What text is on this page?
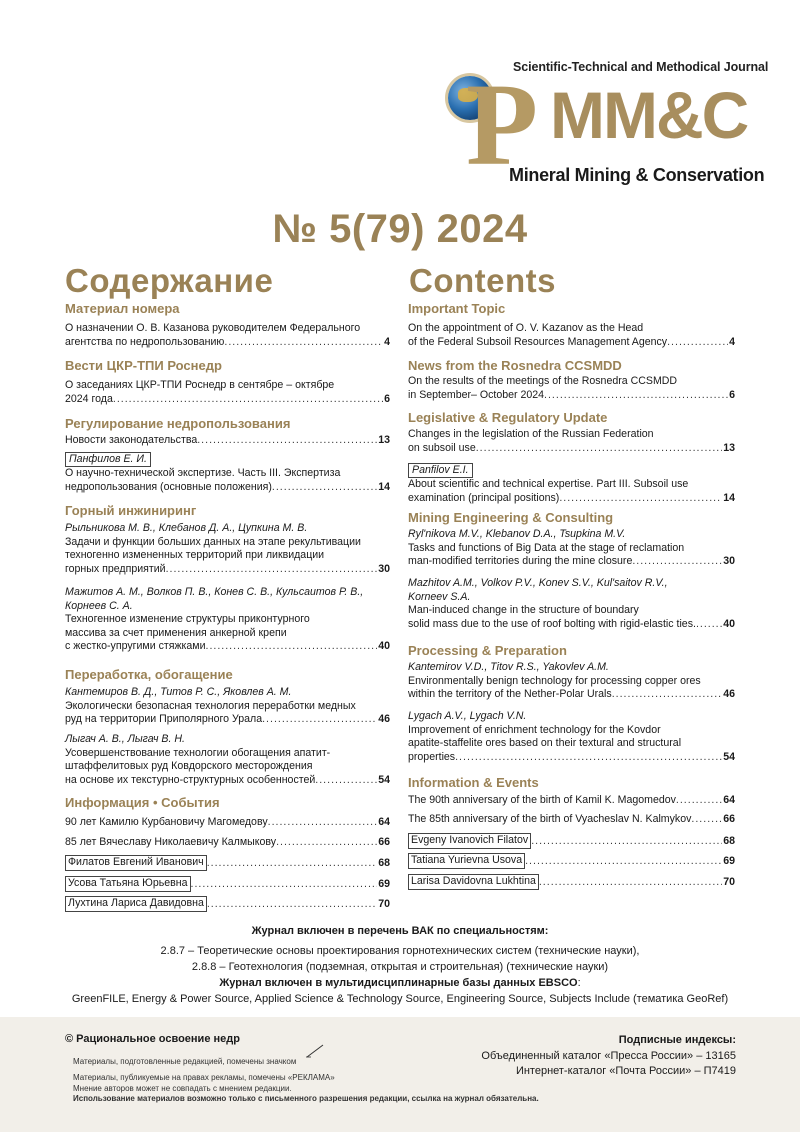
P
Scientific-Technical and Methodical Journal
MM&C
Mineral Mining & Conservation
№ 5(79) 2024
Содержание	Contents
Материал номера
О назначении О. В. Казанова руководителем Федерального
агентства по недропользованию .....	4
Вести ЦКР-ТПИ Роснедр
О заседаниях ЦКР-ТПИ Роснедр в сентябре – октябре
2024 года .....	6
Регулирование недропользования
Новости законодательства .....	13
Панфилов Е. И.
О научно-технической экспертизе. Часть III. Экспертиза
недропользования (основные положения) .....	14
Горный инжиниринг
Рыльникова М. В., Клебанов Д. А., Цупкина М. В.
Задачи и функции больших данных на этапе рекультивации
техногенно измененных территорий при ликвидации
горных предприятий .....	30
Мажитов А. М., Волков П. В., Конев С. В., Кульсаитов Р. В.,
Корнеев С. А.
Техногенное изменение структуры приконтурного
массива за счет применения анкерной крепи
с жестко-упругими стяжками .....	40
Переработка, обогащение
Кантемиров В. Д., Титов Р. С., Яковлев А. М.
Экологически безопасная технология переработки медных
руд на территории Приполярного Урала .....	46
Лыгач А. В., Лыгач В. Н.
Усовершенствование технологии обогащения апатит-
штаффелитовых руд Ковдорского месторождения
на основе их текстурно-структурных особенностей .....	54
Информация • События
90 лет Камилю Курбановичу Магомедову .....	64
85 лет Вячеславу Николаевичу Калмыкову .....	66
Филатов Евгений Иванович .....	68
Усова Татьяна Юрьевна .....	69
Лухтина Лариса Давидовна .....	70
Important Topic
On the appointment of O. V. Kazanov as the Head
of the Federal Subsoil Resources Management Agency .....	4
News from the Rosnedra CCSMDD
On the results of the meetings of the Rosnedra CCSMDD
in September– October 2024 .....	6
Legislative & Regulatory Update
Changes in the legislation of the Russian Federation
on subsoil use .....	13
Panfilov E.I.
About scientific and technical expertise. Part III. Subsoil use
examination (principal positions) .....	14
Mining Engineering & Consulting
Ryl'nikova M.V., Klebanov D.A., Tsupkina M.V.
Tasks and functions of Big Data at the stage of reclamation
man-modified territories during the mine closure .....	30
Mazhitov A.M., Volkov P.V., Konev S.V., Kul'saitov R.V.,
Korneev S.A.
Man-induced change in the structure of boundary
solid mass due to the use of roof bolting with rigid-elastic ties. .....	40
Processing & Preparation
Kantemirov V.D., Titov R.S., Yakovlev A.M.
Environmentally benign technology for processing copper ores
within the territory of the Nether-Polar Urals .....	46
Lygach A.V., Lygach V.N.
Improvement of enrichment technology for the Kovdor
apatite-staffelite ores based on their textural and structural
properties .....	54
Information & Events
The 90th anniversary of the birth of Kamil K. Magomedov .....	64
The 85th anniversary of the birth of Vyacheslav N. Kalmykov .....	66
Evgeny Ivanovich Filatov .....	68
Tatiana Yurievna Usova .....	69
Larisa Davidovna Lukhtina .....	70
Журнал включен в перечень ВАК по специальностям:
2.8.7 – Теоретические основы проектирования горнотехнических систем (технические науки),
2.8.8 – Геотехнология (подземная, открытая и строительная) (технические науки)
Журнал включен в мультидисциплинарные базы данных EBSCO:
GreenFILE, Energy & Power Source, Applied Science & Technology Source, Engineering Source, Subjects Include (тематика GeoRef)
© Рациональное освоение недр
Материалы, подготовленные редакцией, помечены значком
Материалы, публикуемые на правах рекламы, помечены «РЕКЛАМА»
Мнение авторов может не совпадать с мнением редакции.
Использование материалов возможно только с письменного разрешения редакции, ссылка на журнал обязательна.
Подписные индексы:
Объединенный каталог «Пресса России» – 13165
Интернет-каталог «Почта России» – П7419
